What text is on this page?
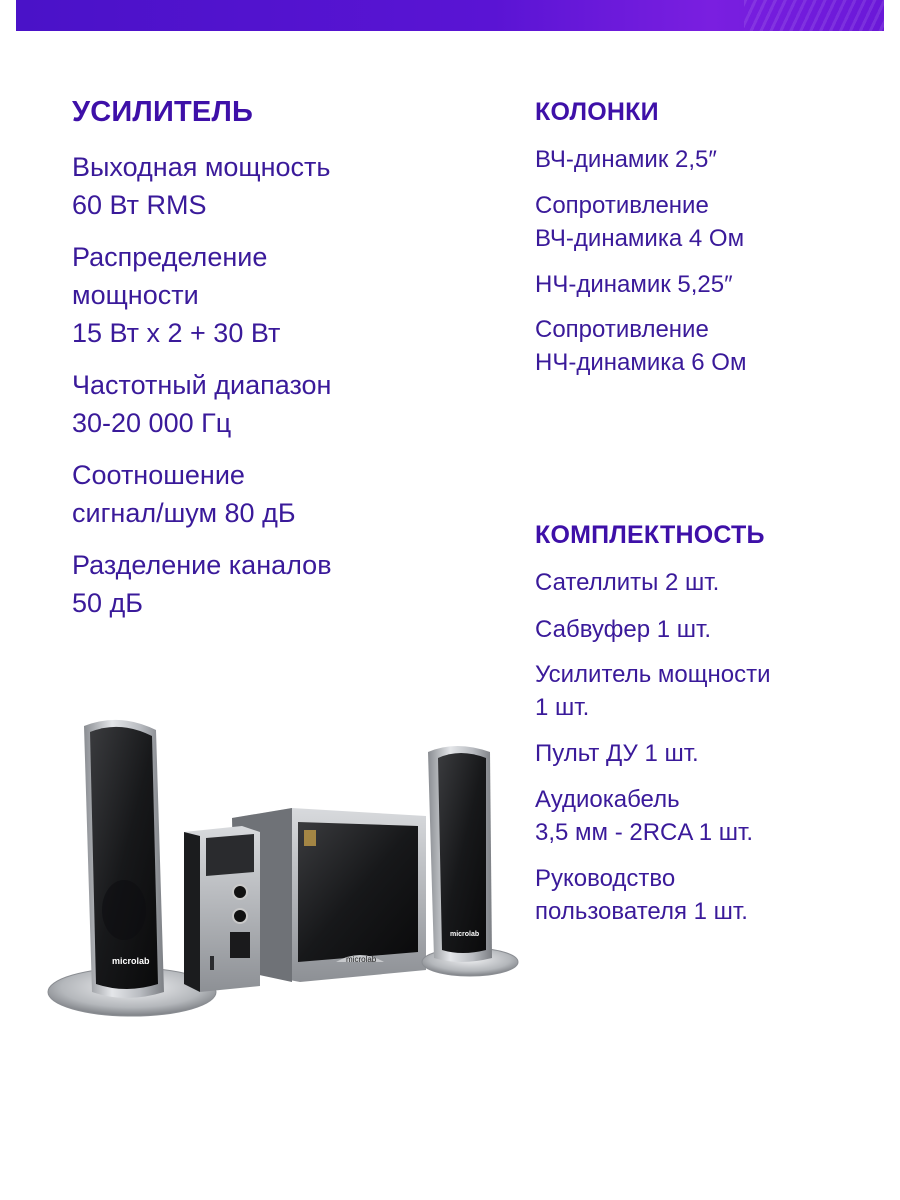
УСИЛИТЕЛЬ
Выходная мощность
60 Вт RMS
Распределение
мощности
15 Вт х 2 + 30 Вт
Частотный диапазон
30-20 000 Гц
Соотношение
сигнал/шум 80 дБ
Разделение каналов
50 дБ
КОЛОНКИ
ВЧ-динамик 2,5″
Сопротивление
ВЧ-динамика 4 Ом
НЧ-динамик 5,25″
Сопротивление
НЧ-динамика 6 Ом
КОМПЛЕКТНОСТЬ
Сателлиты 2 шт.
Сабвуфер 1 шт.
Усилитель мощности
1 шт.
Пульт ДУ 1 шт.
Аудиокабель
3,5 мм - 2RCA 1 шт.
Руководство
пользователя 1 шт.
microlab	microlab
microlab
